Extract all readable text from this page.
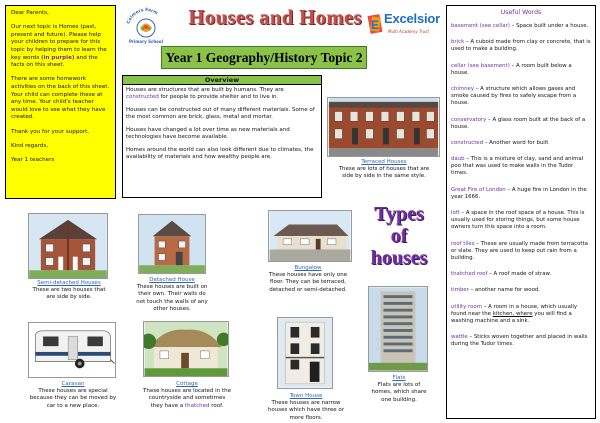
Dear Parents,

Our next topic is Homes (past, present and future). Please help your children to prepare for this topic by helping them to learn the key words (in purple) and the facts on this sheet.

There are some homework activities on the back of this sheet. Your child can complete these at any time. Your child's teacher would love to see what they have created.

Thank you for your support.

Kind regards,

Year 1 teachers

Colmers Farm
Primary School
Houses and Homes E Excelsior
Multi Academy Trust
Year 1 Geography/History Topic 2
Overview

Houses are structures that are built by humans. They are constructed for people to provide shelter and to live in.

Houses can be constructed out of many different materials. Some of the most common are brick, glass, metal and mortar.

Houses have changed a lot over time as new materials and technologies have become available.

Homes around the world can also look different due to climates, the availability of materials and how wealthy people are.

Terraced Houses
These are lots of houses that are side by side in the same style.
Types
of
houses
Semi-detached Houses
These are two houses that are side by side.
Detached House
These houses are built on their own. Their walls do not touch the walls of any other houses.
Bungalow
These houses have only one floor. They can be terraced, detached or semi-detached.
Flats
Flats are lots of homes, which share one building.
Caravan
These houses are special because they can be moved by car to a new place.
Cottage
These houses are located in the countryside and sometimes they have a thatched roof.
Town House
These houses are narrow houses which have three or more floors.
Useful Words
basement (see cellar) – Space built under a house.
brick – A cuboid made from clay or concrete, that is used to make a building.
cellar (see basement) – A room built below a house.
chimney – A structure which allows gases and smoke caused by fires to safely escape from a house.
conservatory – A glass room built at the back of a house.
constructed – Another word for built
daub – This is a mixture of clay, sand and animal poo that was used to make walls in the Tudor times.
Great Fire of London – A huge fire in London in the year 1666.
loft – A space in the roof space of a house. This is usually used for storing things, but some house owners turn this space into a room.
roof tiles – These are usually made from terracotta or slate. They are used to keep out rain from a building.
thatched roof – A roof made of straw.
timber – another name for wood.
utility room – A room in a house, which usually found near the kitchen, where you will find a washing machine and a sink.
wattle – Sticks woven together and placed in walls during the Tudor times.
